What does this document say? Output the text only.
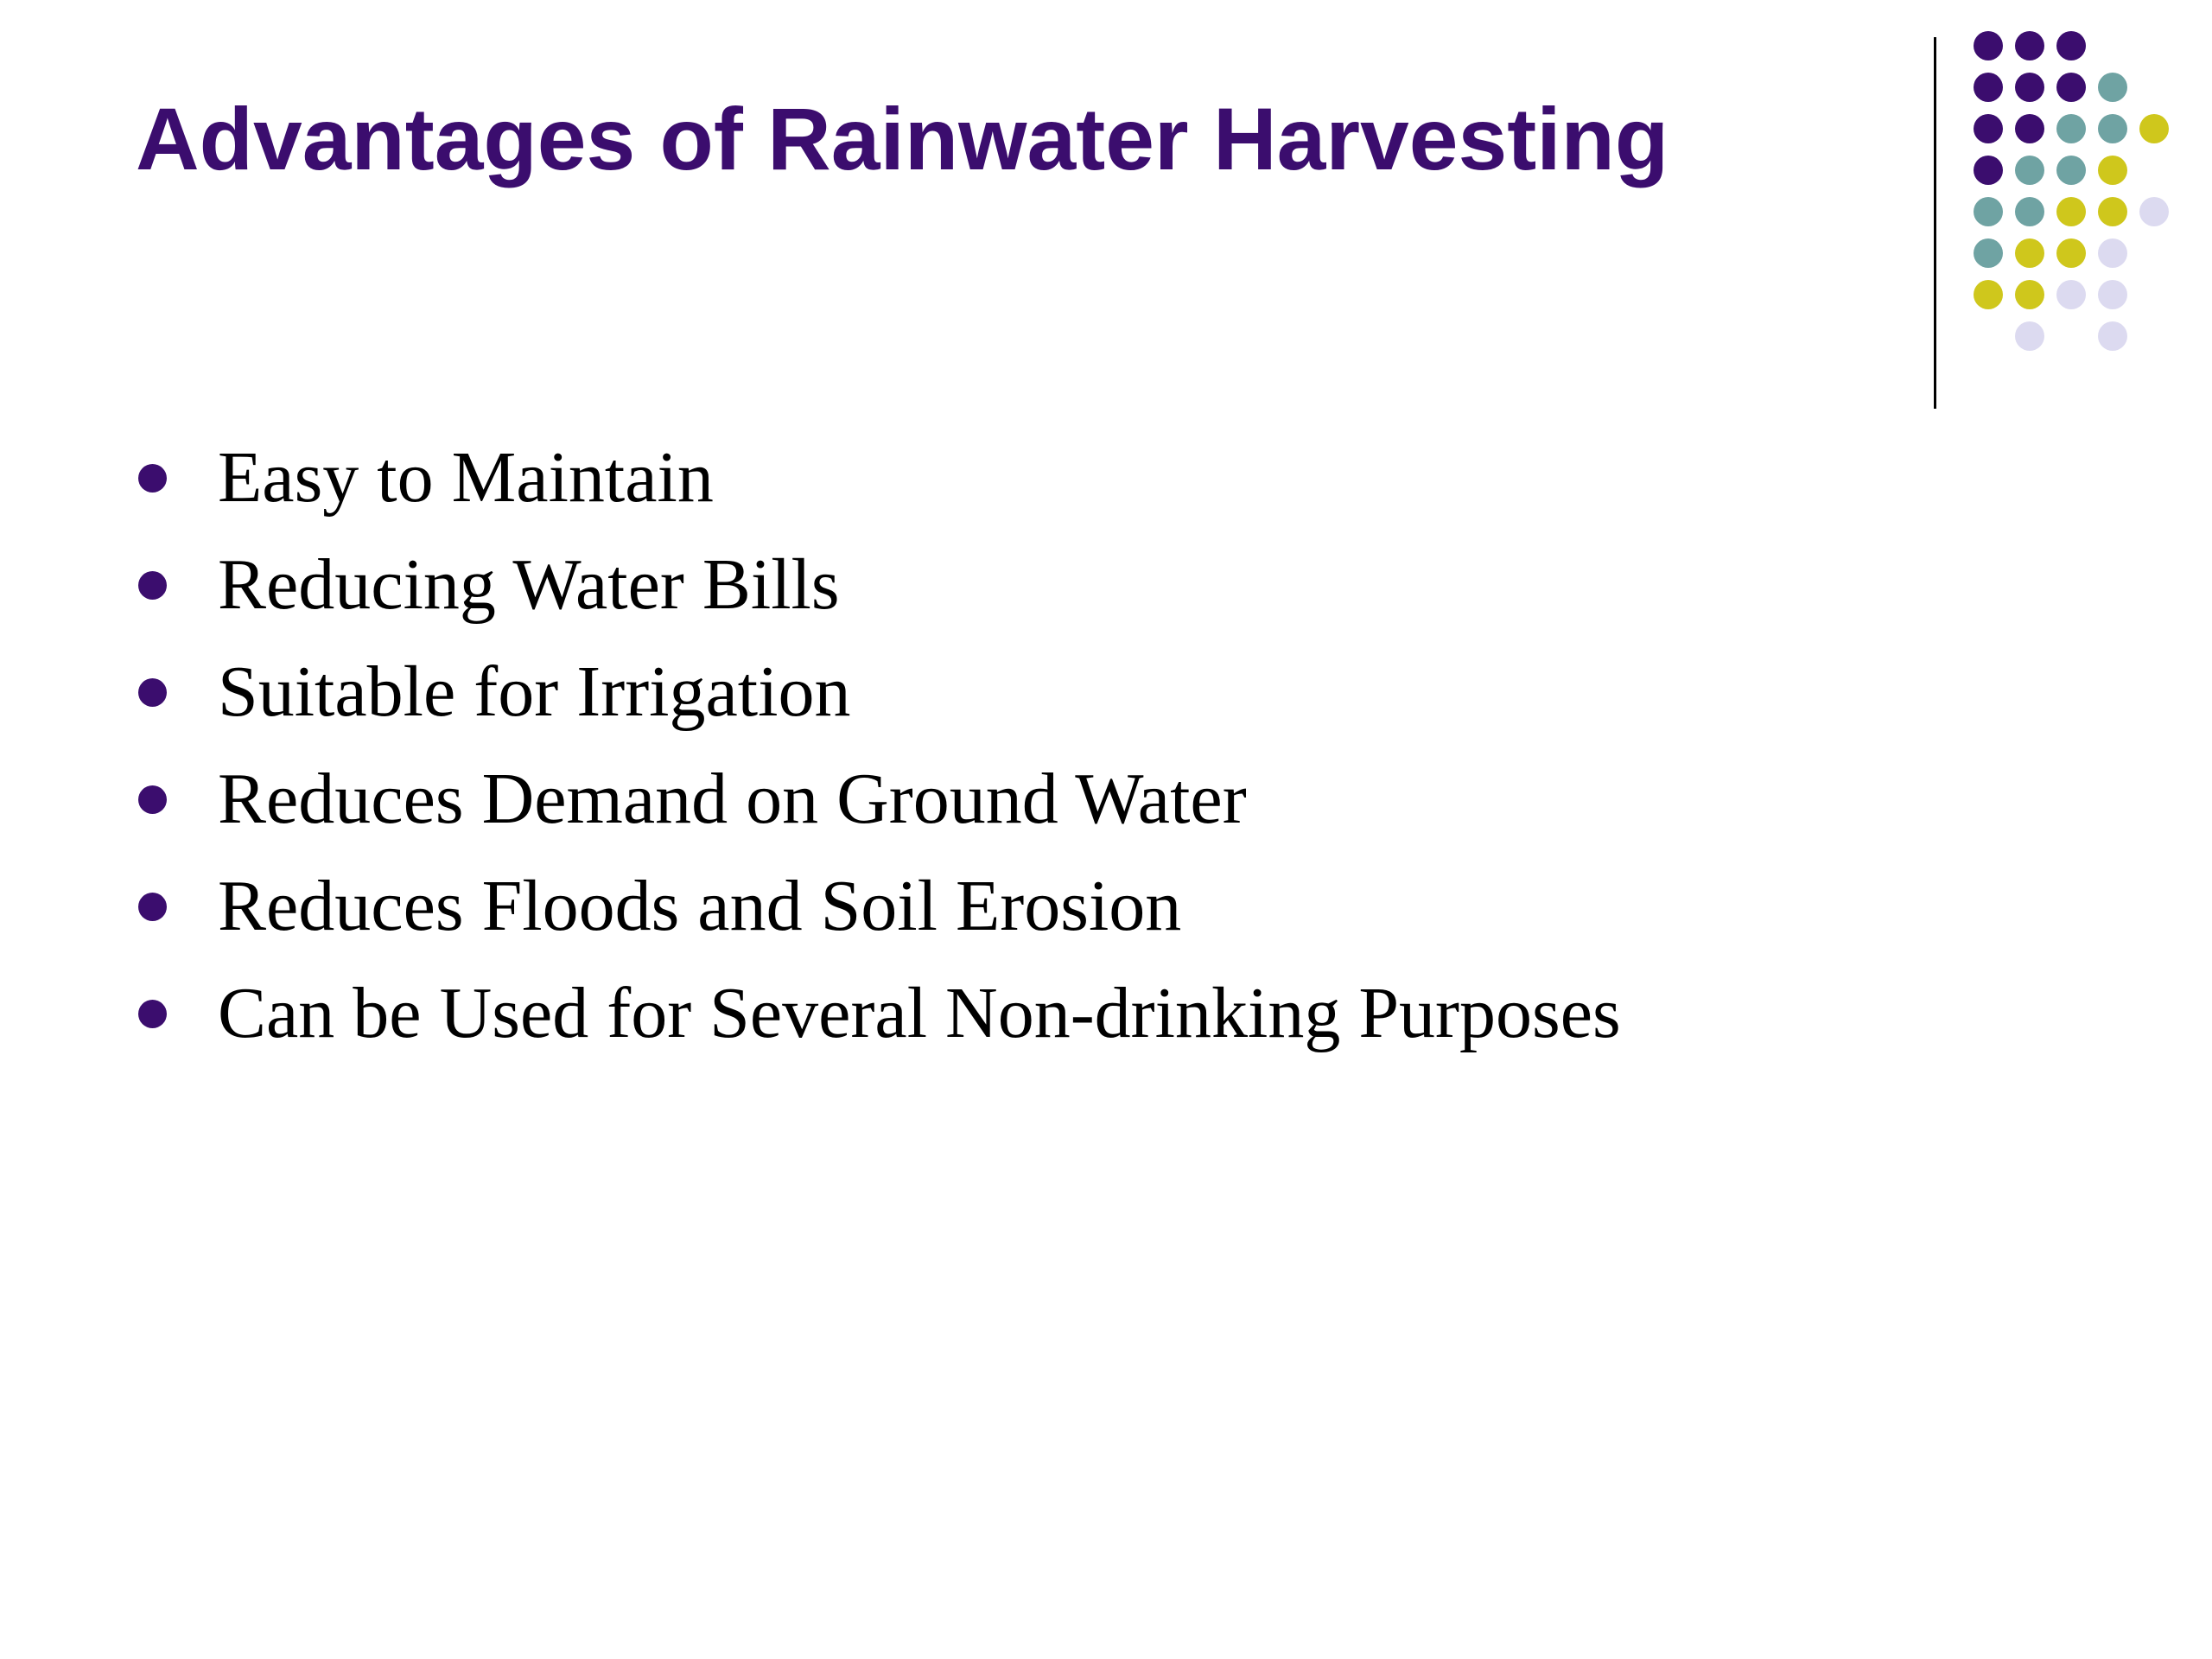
Advantages of Rainwater Harvesting
Easy to Maintain
Reducing Water Bills
Suitable for Irrigation
Reduces Demand on Ground Water
Reduces Floods and Soil Erosion
Can be Used for Several Non-drinking Purposes
